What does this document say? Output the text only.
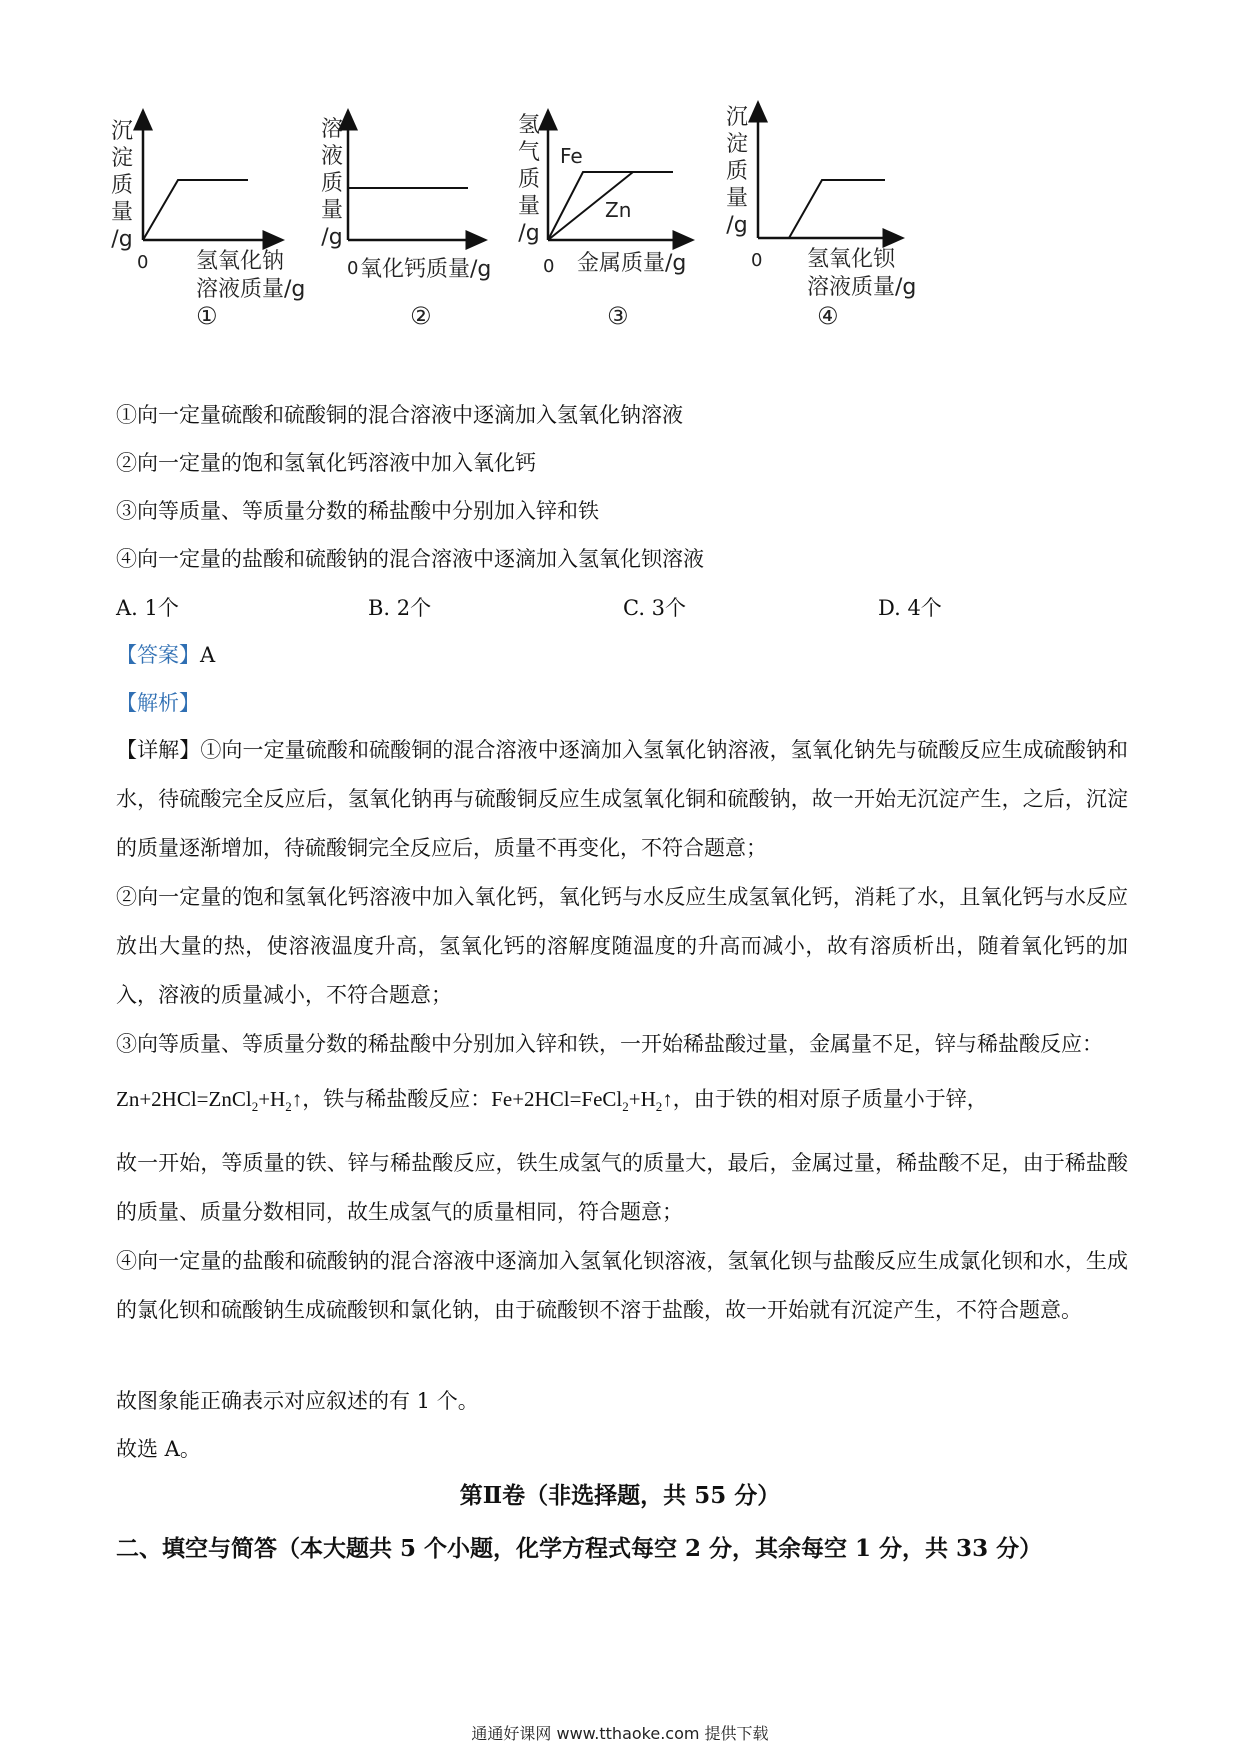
沉
淀
质
量
/g
0 氢氧化钠
溶液质量/g
①
溶
液
质
量
/g
0 氧化钙质量/g
②
氢
气
质
量
/g
Fe
Zn
0 金属质量/g
③
沉
淀
质
量
/g
0 氢氧化钡
溶液质量/g
④
①向一定量硫酸和硫酸铜的混合溶液中逐滴加入氢氧化钠溶液
②向一定量的饱和氢氧化钙溶液中加入氧化钙
③向等质量、等质量分数的稀盐酸中分别加入锌和铁
④向一定量的盐酸和硫酸钠的混合溶液中逐滴加入氢氧化钡溶液
A. 1个	B. 2个	C. 3个	D. 4个
【答案】A
【解析】
【详解】①向一定量硫酸和硫酸铜的混合溶液中逐滴加入氢氧化钠溶液，氢氧化钠先与硫酸反应生成硫酸钠和水，待硫酸完全反应后，氢氧化钠再与硫酸铜反应生成氢氧化铜和硫酸钠，故一开始无沉淀产生，之后，沉淀的质量逐渐增加，待硫酸铜完全反应后，质量不再变化，不符合题意；
②向一定量的饱和氢氧化钙溶液中加入氧化钙，氧化钙与水反应生成氢氧化钙，消耗了水，且氧化钙与水反应放出大量的热，使溶液温度升高，氢氧化钙的溶解度随温度的升高而减小，故有溶质析出，随着氧化钙的加入，溶液的质量减小，不符合题意；
③向等质量、等质量分数的稀盐酸中分别加入锌和铁，一开始稀盐酸过量，金属量不足，锌与稀盐酸反应：
$Zn+2HCl=ZnCl_2+H_2↑$，铁与稀盐酸反应：$Fe+2HCl=FeCl_2+H_2↑$，由于铁的相对原子质量小于锌，
故一开始，等质量的铁、锌与稀盐酸反应，铁生成氢气的质量大，最后，金属过量，稀盐酸不足，由于稀盐酸的质量、质量分数相同，故生成氢气的质量相同，符合题意；
④向一定量的盐酸和硫酸钠的混合溶液中逐滴加入氢氧化钡溶液，氢氧化钡与盐酸反应生成氯化钡和水，生成的氯化钡和硫酸钠生成硫酸钡和氯化钠，由于硫酸钡不溶于盐酸，故一开始就有沉淀产生，不符合题意。
故图象能正确表示对应叙述的有 1 个。
故选 A。
第Ⅱ卷（非选择题，共 55 分）
二、填空与简答（本大题共 5 个小题，化学方程式每空 2 分，其余每空 1 分，共 33 分）
通通好课网 www.tthaoke.com 提供下载
